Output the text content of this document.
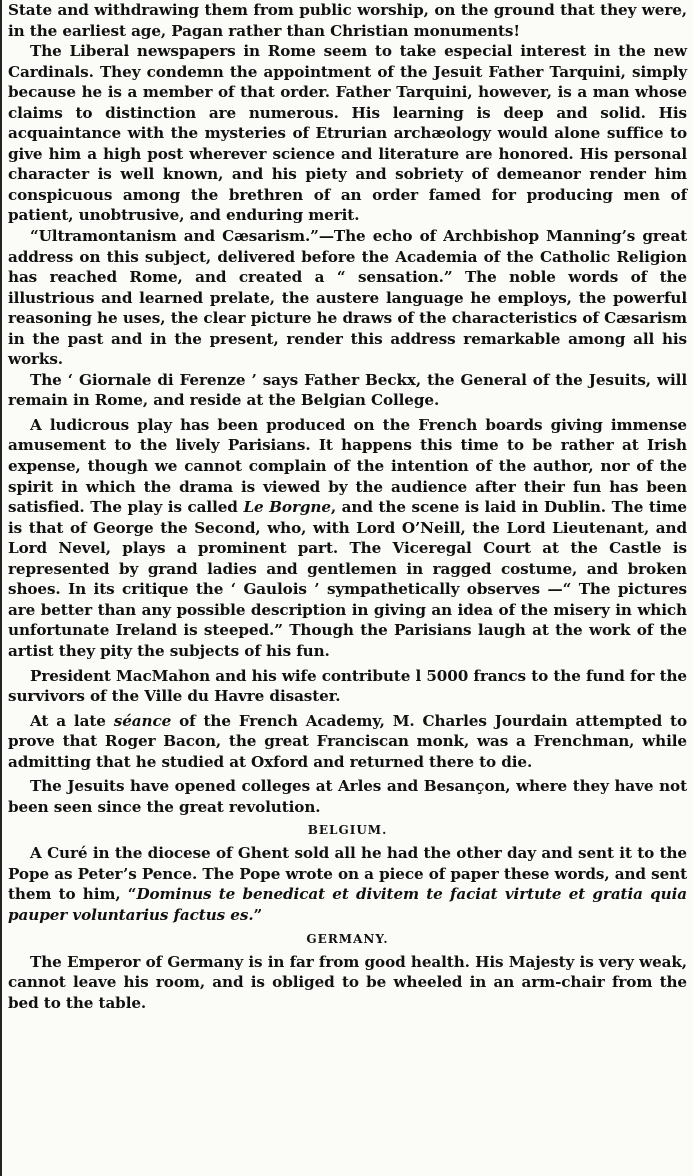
State and withdrawing them from public worship, on the ground that they were, in the earliest age, Pagan rather than Christian monuments!

The Liberal newspapers in Rome seem to take especial interest in the new Cardinals. They condemn the appointment of the Jesuit Father Tarquini, simply because he is a member of that order. Father Tarquini, however, is a man whose claims to distinction are numerous. His learning is deep and solid. His acquaintance with the mysteries of Etrurian archæology would alone suffice to give him a high post wherever science and literature are honored. His personal character is well known, and his piety and sobriety of demeanor render him conspicuous among the brethren of an order famed for producing men of patient, unobtrusive, and enduring merit.

“Ultramontanism and Cæsarism.”—The echo of Archbishop Manning’s great address on this subject, delivered before the Academia of the Catholic Religion has reached Rome, and created a “ sensation.” The noble words of the illustrious and learned prelate, the austere language he employs, the powerful reasoning he uses, the clear picture he draws of the characteristics of Cæsarism in the past and in the present, render this address remarkable among all his works.

The ‘ Giornale di Ferenze ’ says Father Beckx, the General of the Jesuits, will remain in Rome, and reside at the Belgian College.

A ludicrous play has been produced on the French boards giving immense amusement to the lively Parisians. It happens this time to be rather at Irish expense, though we cannot complain of the intention of the author, nor of the spirit in which the drama is viewed by the audience after their fun has been satisfied. The play is called Le Borgne, and the scene is laid in Dublin. The time is that of George the Second, who, with Lord O’Neill, the Lord Lieutenant, and Lord Nevel, plays a prominent part. The Viceregal Court at the Castle is represented by grand ladies and gentlemen in ragged costume, and broken shoes. In its critique the ‘ Gaulois ’ sympathetically observes —“ The pictures are better than any possible description in giving an idea of the misery in which unfortunate Ireland is steeped.” Though the Parisians laugh at the work of the artist they pity the subjects of his fun.

President MacMahon and his wife contribute l 5000 francs to the fund for the survivors of the Ville du Havre disaster.

At a late séance of the French Academy, M. Charles Jourdain attempted to prove that Roger Bacon, the great Franciscan monk, was a Frenchman, while admitting that he studied at Oxford and returned there to die.

The Jesuits have opened colleges at Arles and Besançon, where they have not been seen since the great revolution.

BELGIUM.

A Curé in the diocese of Ghent sold all he had the other day and sent it to the Pope as Peter’s Pence. The Pope wrote on a piece of paper these words, and sent them to him, “Dominus te benedicat et divitem te faciat virtute et gratia quia pauper voluntarius factus es.”

GERMANY.

The Emperor of Germany is in far from good health. His Majesty is very weak, cannot leave his room, and is obliged to be wheeled in an arm-chair from the bed to the table.
